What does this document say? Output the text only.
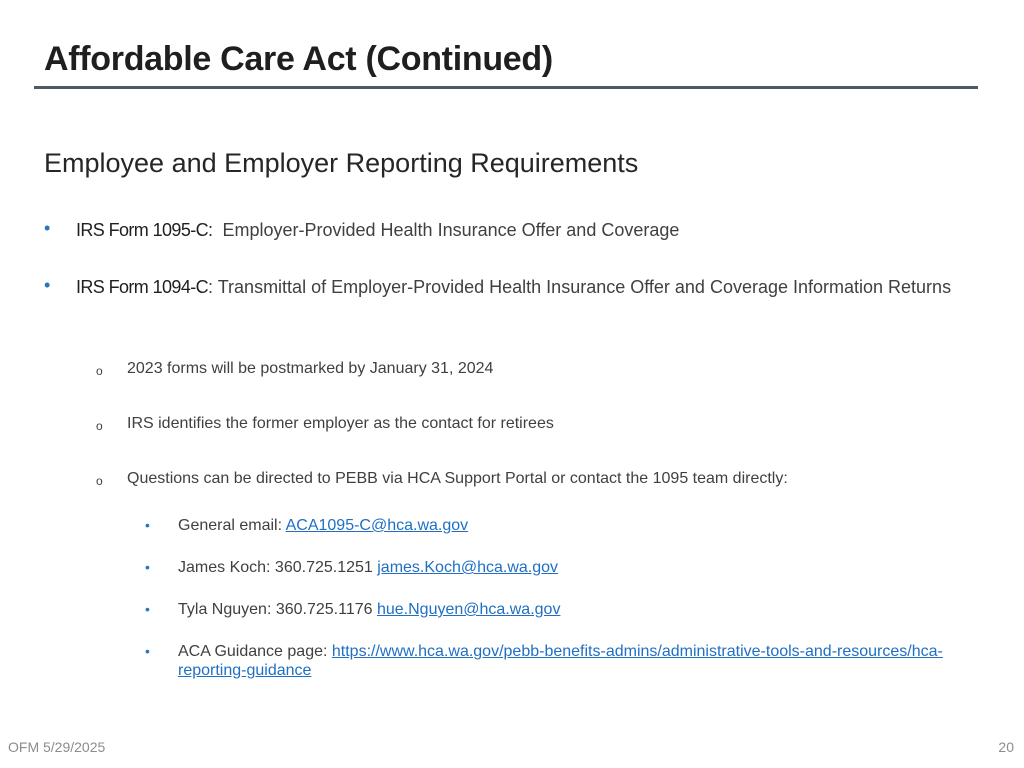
Affordable Care Act (Continued)
Employee and Employer Reporting Requirements
• IRS Form 1095-C: Employer-Provided Health Insurance Offer and Coverage
• IRS Form 1094-C: Transmittal of Employer-Provided Health Insurance Offer and Coverage Information Returns
o 2023 forms will be postmarked by January 31, 2024
o IRS identifies the former employer as the contact for retirees
o Questions can be directed to PEBB via HCA Support Portal or contact the 1095 team directly:
• General email: ACA1095-C@hca.wa.gov
• James Koch: 360.725.1251 james.Koch@hca.wa.gov
• Tyla Nguyen: 360.725.1176 hue.Nguyen@hca.wa.gov
• ACA Guidance page: https://www.hca.wa.gov/pebb-benefits-admins/administrative-tools-and-resources/hca-reporting-guidance
OFM 5/29/2025	20
